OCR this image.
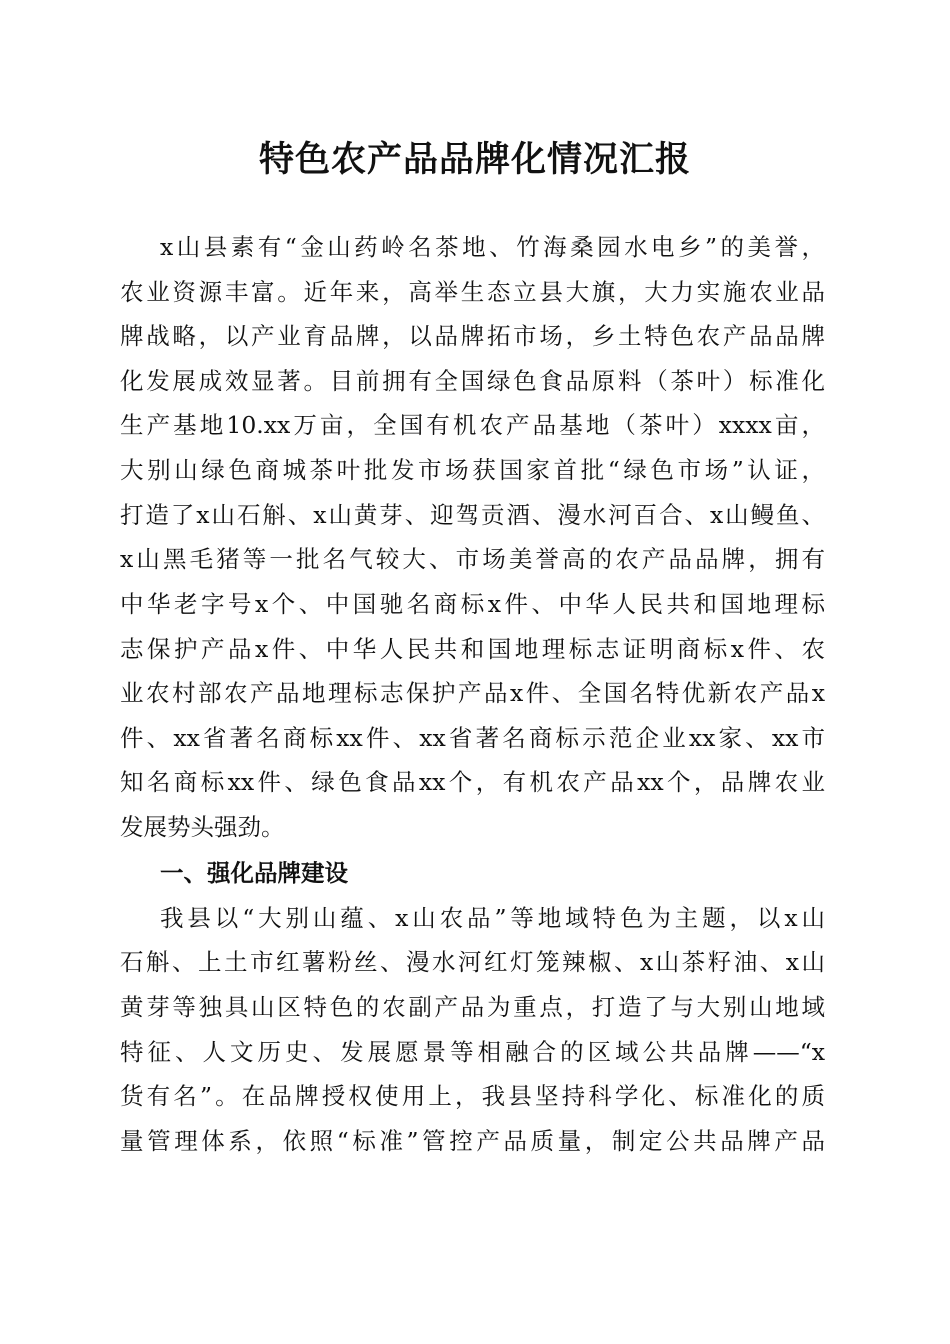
特色农产品品牌化情况汇报
x山县素有“金山药岭名茶地、竹海桑园水电乡”的美誉，
农业资源丰富。近年来，高举生态立县大旗，大力实施农业品
牌战略，以产业育品牌，以品牌拓市场，乡土特色农产品品牌
化发展成效显著。目前拥有全国绿色食品原料（茶叶）标准化
生产基地10.xx万亩，全国有机农产品基地（茶叶）xxxx亩，
大别山绿色商城茶叶批发市场获国家首批“绿色市场”认证，
打造了x山石斛、x山黄芽、迎驾贡酒、漫水河百合、x山鳗鱼、
x山黑毛猪等一批名气较大、市场美誉高的农产品品牌，拥有
中华老字号x个、中国驰名商标x件、中华人民共和国地理标
志保护产品x件、中华人民共和国地理标志证明商标x件、农
业农村部农产品地理标志保护产品x件、全国名特优新农产品x
件、xx省著名商标xx件、xx省著名商标示范企业xx家、xx市
知名商标xx件、绿色食品xx个，有机农产品xx个，品牌农业
发展势头强劲。
一、强化品牌建设
我县以“大别山蕴、x山农品”等地域特色为主题，以x山
石斛、上土市红薯粉丝、漫水河红灯笼辣椒、x山茶籽油、x山
黄芽等独具山区特色的农副产品为重点，打造了与大别山地域
特征、人文历史、发展愿景等相融合的区域公共品牌——“x
货有名”。在品牌授权使用上，我县坚持科学化、标准化的质
量管理体系，依照“标准”管控产品质量，制定公共品牌产品
